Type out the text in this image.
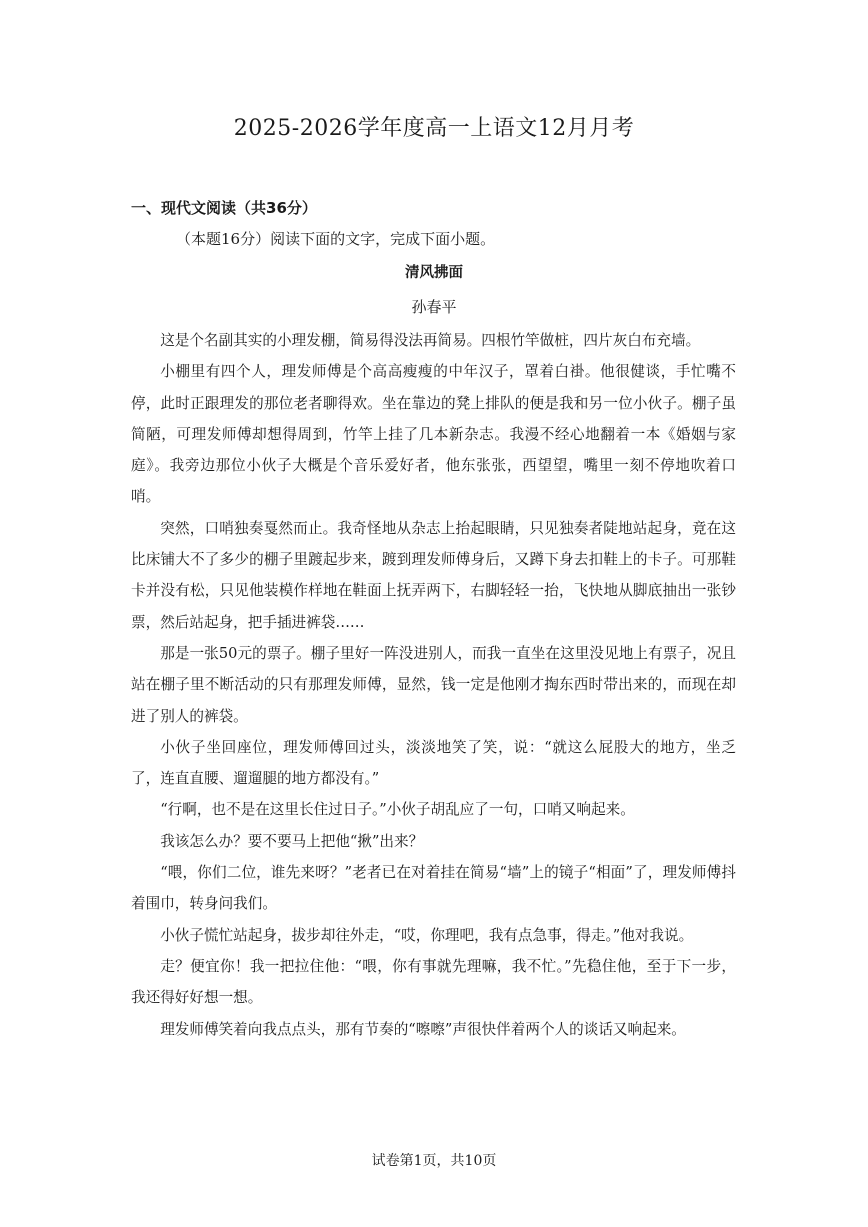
2025-2026学年度高一上语文12月月考
一、现代文阅读（共36分）
（本题16分）阅读下面的文字，完成下面小题。
清风拂面
孙春平

这是个名副其实的小理发棚，简易得没法再简易。四根竹竿做桩，四片灰白布充墙。

小棚里有四个人，理发师傅是个高高瘦瘦的中年汉子，罩着白褂。他很健谈，手忙嘴不停，此时正跟理发的那位老者聊得欢。坐在靠边的凳上排队的便是我和另一位小伙子。棚子虽简陋，可理发师傅却想得周到，竹竿上挂了几本新杂志。我漫不经心地翻着一本《婚姻与家庭》。我旁边那位小伙子大概是个音乐爱好者，他东张张，西望望，嘴里一刻不停地吹着口哨。

突然，口哨独奏戛然而止。我奇怪地从杂志上抬起眼睛，只见独奏者陡地站起身，竟在这比床铺大不了多少的棚子里踱起步来，踱到理发师傅身后，又蹲下身去扣鞋上的卡子。可那鞋卡并没有松，只见他装模作样地在鞋面上抚弄两下，右脚轻轻一抬，飞快地从脚底抽出一张钞票，然后站起身，把手插进裤袋……

那是一张50元的票子。棚子里好一阵没进别人，而我一直坐在这里没见地上有票子，况且站在棚子里不断活动的只有那理发师傅，显然，钱一定是他刚才掏东西时带出来的，而现在却进了别人的裤袋。

小伙子坐回座位，理发师傅回过头，淡淡地笑了笑，说：“就这么屁股大的地方，坐乏了，连直直腰、遛遛腿的地方都没有。”

“行啊，也不是在这里长住过日子。”小伙子胡乱应了一句，口哨又响起来。

我该怎么办？要不要马上把他“揪”出来？

“喂，你们二位，谁先来呀？”老者已在对着挂在简易“墙”上的镜子“相面”了，理发师傅抖着围巾，转身问我们。

小伙子慌忙站起身，拔步却往外走，“哎，你理吧，我有点急事，得走。”他对我说。

走？便宜你！我一把拉住他：“喂，你有事就先理嘛，我不忙。”先稳住他，至于下一步，我还得好好想一想。

理发师傅笑着向我点点头，那有节奏的“嚓嚓”声很快伴着两个人的谈话又响起来。

试卷第1页，共10页
